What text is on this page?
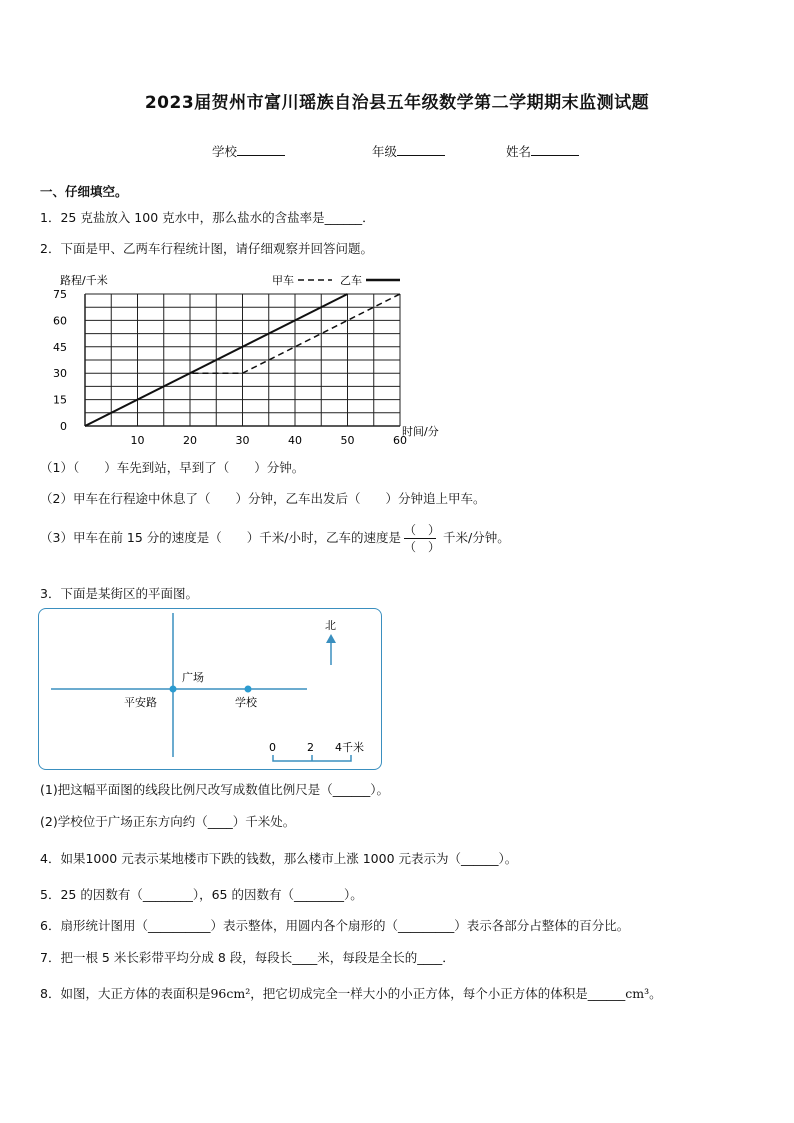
2023届贺州市富川瑶族自治县五年级数学第二学期期末监测试题
学校	年级	姓名
一、仔细填空。
1．25 克盐放入 100 克水中，那么盐水的含盐率是______．
2．下面是甲、乙两车行程统计图，请仔细观察并回答问题。
10	20	30	40	50	60
0
15
30
45
60
75
路程/千米
时间/分
甲车	乙车
（1）（　　）车先到站，早到了（　　）分钟。
（2）甲车在行程途中休息了（　　）分钟，乙车出发后（　　）分钟追上甲车。
（3）甲车在前 15 分的速度是（　　）千米/小时，乙车的速度是 $\frac{( )}{( )}$ 千米/分钟。
3．下面是某街区的平面图。
广场
平安路	学校
北
0	2 4千米
(1)把这幅平面图的线段比例尺改写成数值比例尺是（______）。
(2)学校位于广场正东方向约（____）千米处。
4．如果1000 元表示某地楼市下跌的钱数，那么楼市上涨 1000 元表示为（______）。
5．25 的因数有（________），65 的因数有（________）。
6．扇形统计图用（__________）表示整体，用圆内各个扇形的（_________）表示各部分占整体的百分比。
7．把一根 5 米长彩带平均分成 8 段，每段长____米，每段是全长的____．
8．如图，大正方体的表面积是96cm²，把它切成完全一样大小的小正方体，每个小正方体的体积是______cm³。
